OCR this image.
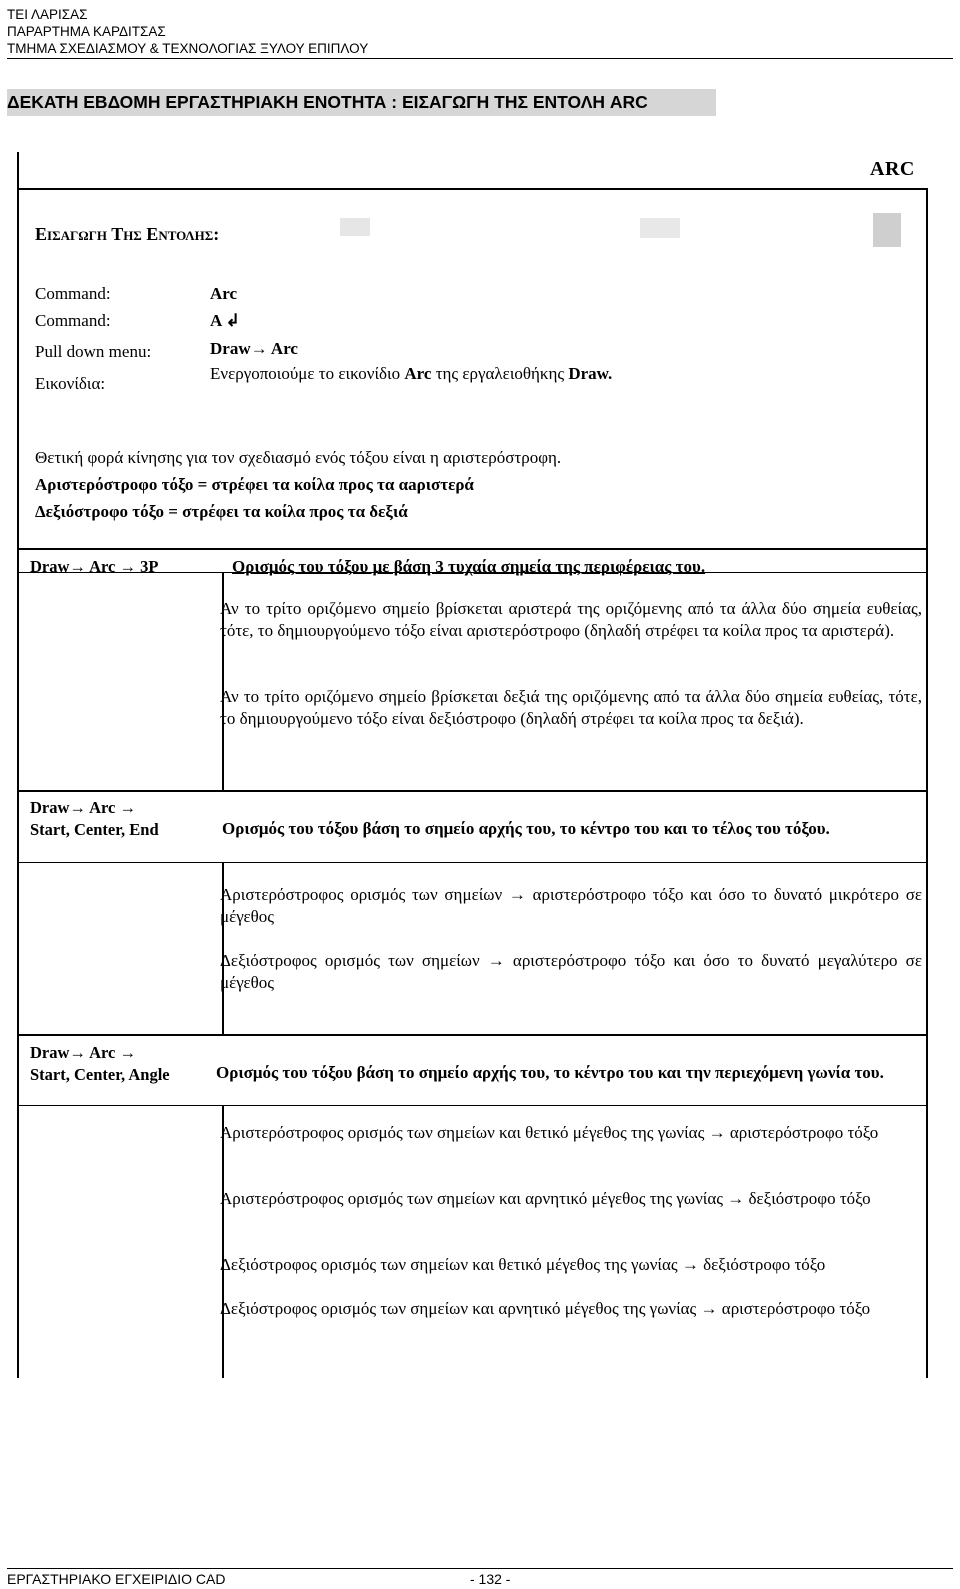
ΤΕΙ ΛΑΡΙΣΑΣ
ΠΑΡΑΡΤΗΜΑ ΚΑΡΔΙΤΣΑΣ
ΤΜΗΜΑ ΣΧΕΔΙΑΣΜΟΥ & ΤΕΧΝΟΛΟΓΙΑΣ ΞΥΛΟΥ ΕΠΙΠΛΟΥ
ΔΕΚΑΤΗ ΕΒΔΟΜΗ ΕΡΓΑΣΤΗΡΙΑΚΗ ΕΝΟΤΗΤΑ : ΕΙΣΑΓΩΓΗ ΤΗΣ ΕΝΤΟΛΗ ARC
ARC
Εισαγωγη Της Εντολης:
Command:	Arc
Command:	A ↲
Pull down menu:	Draw→ Arc
Εικονίδια:
Ενεργοποιούμε το εικονίδιο Arc της εργαλειοθήκης Draw.
Θετική φορά κίνησης για τον σχεδιασμό ενός τόξου είναι η αριστερόστροφη.
Αριστερόστροφο τόξο = στρέφει τα κοίλα προς τα αaριστερά
Δεξιόστροφο τόξο = στρέφει τα κοίλα προς τα δεξιά
Draw→ Arc → 3P	Ορισμός του τόξου με βάση 3 τυχαία σημεία της περιφέρειας του.
Αν το τρίτο οριζόμενο σημείο βρίσκεται αριστερά της οριζόμενης από τα άλλα δύο σημεία ευθείας, τότε, το δημιουργούμενο τόξο είναι αριστερόστροφο (δηλαδή στρέφει τα κοίλα προς τα αριστερά).
Αν το τρίτο οριζόμενο σημείο βρίσκεται δεξιά της οριζόμενης από τα άλλα δύο σημεία ευθείας, τότε, το δημιουργούμενο τόξο είναι δεξιόστροφο (δηλαδή στρέφει τα κοίλα προς τα δεξιά).
Draw→ Arc →
Start, Center, End	Ορισμός του τόξου βάση το σημείο αρχής του, το κέντρο του και το τέλος του τόξου.
Αριστερόστροφος ορισμός των σημείων → αριστερόστροφο τόξο και όσο το δυνατό μικρότερο σε μέγεθος
Δεξιόστροφος ορισμός των σημείων → αριστερόστροφο τόξο και όσο το δυνατό μεγαλύτερο σε μέγεθος
Draw→ Arc →
Start, Center, Angle	Ορισμός του τόξου βάση το σημείο αρχής του, το κέντρο του και την περιεχόμενη γωνία του.
Αριστερόστροφος ορισμός των σημείων και θετικό μέγεθος της γωνίας → αριστερόστροφο τόξο
Αριστερόστροφος ορισμός των σημείων και αρνητικό μέγεθος της γωνίας → δεξιόστροφο τόξο
Δεξιόστροφος ορισμός των σημείων και θετικό μέγεθος της γωνίας → δεξιόστροφο τόξο
Δεξιόστροφος ορισμός των σημείων και αρνητικό μέγεθος της γωνίας → αριστερόστροφο τόξο
ΕΡΓΑΣΤΗΡΙΑΚΟ ΕΓΧΕΙΡΙΔΙΟ CAD	- 132 -
